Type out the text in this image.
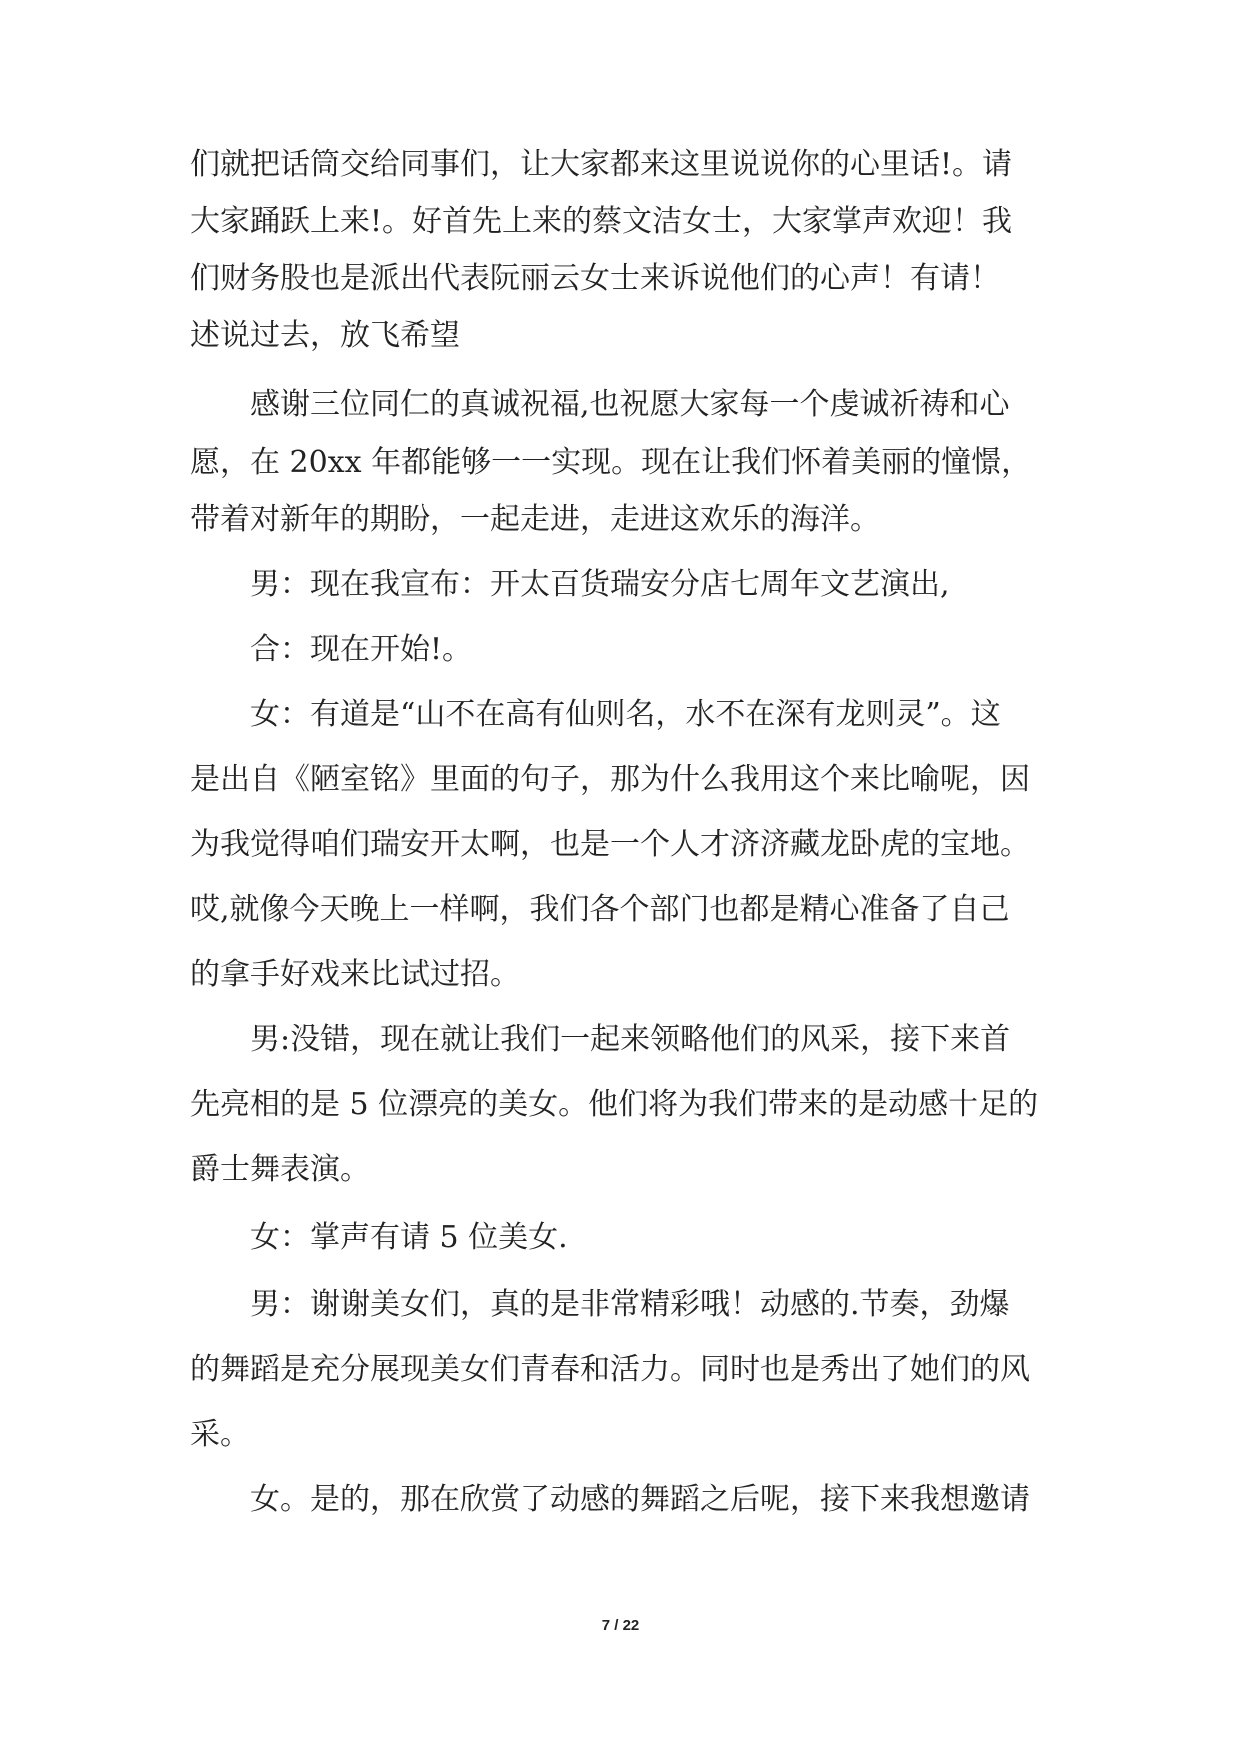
们就把话筒交给同事们，让大家都来这里说说你的心里话!。请
大家踊跃上来!。好首先上来的蔡文洁女士，大家掌声欢迎！我
们财务股也是派出代表阮丽云女士来诉说他们的心声！有请！
述说过去，放飞希望
感谢三位同仁的真诚祝福,也祝愿大家每一个虔诚祈祷和心
愿，在 20xx 年都能够一一实现。现在让我们怀着美丽的憧憬，
带着对新年的期盼，一起走进，走进这欢乐的海洋。
男：现在我宣布：开太百货瑞安分店七周年文艺演出,
合：现在开始!。
女：有道是“山不在高有仙则名，水不在深有龙则灵”。这
是出自《陋室铭》里面的句子，那为什么我用这个来比喻呢，因
为我觉得咱们瑞安开太啊，也是一个人才济济藏龙卧虎的宝地。
哎,就像今天晚上一样啊，我们各个部门也都是精心准备了自己
的拿手好戏来比试过招。
男:没错，现在就让我们一起来领略他们的风采，接下来首
先亮相的是 5 位漂亮的美女。他们将为我们带来的是动感十足的
爵士舞表演。
女：掌声有请 5 位美女.
男：谢谢美女们，真的是非常精彩哦！动感的.节奏，劲爆
的舞蹈是充分展现美女们青春和活力。同时也是秀出了她们的风
采。
女。是的，那在欣赏了动感的舞蹈之后呢，接下来我想邀请
7 / 22
